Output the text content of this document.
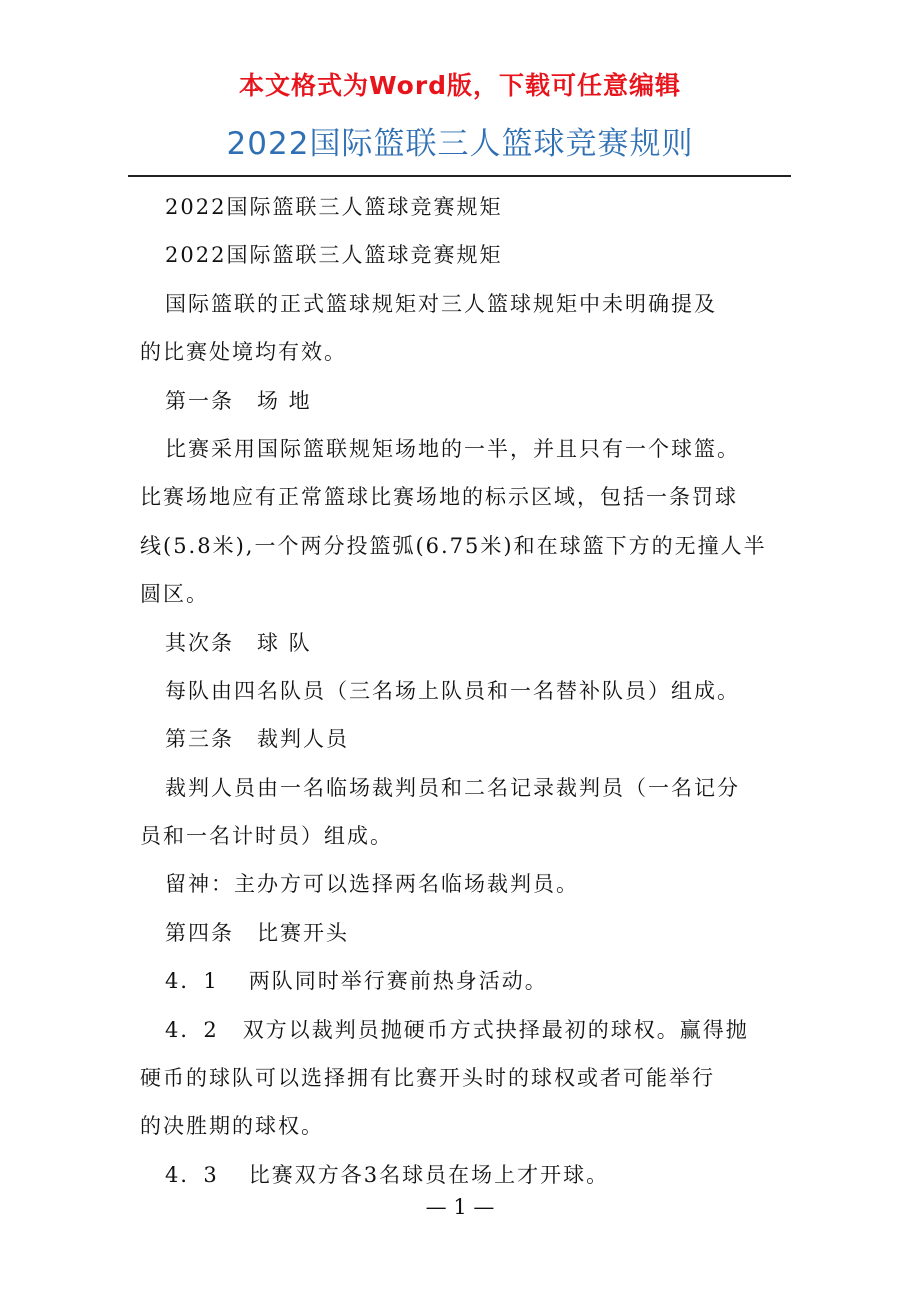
本文格式为Word版，下载可任意编辑
2022国际篮联三人篮球竞赛规则
2022国际篮联三人篮球竞赛规矩
2022国际篮联三人篮球竞赛规矩
国际篮联的正式篮球规矩对三人篮球规矩中未明确提及
的比赛处境均有效。
第一条　场 地
比赛采用国际篮联规矩场地的一半，并且只有一个球篮。
比赛场地应有正常篮球比赛场地的标示区域，包括一条罚球
线(5.8米),一个两分投篮弧(6.75米)和在球篮下方的无撞人半
圆区。
其次条　球 队
每队由四名队员（三名场上队员和一名替补队员）组成。
第三条　裁判人员
裁判人员由一名临场裁判员和二名记录裁判员（一名记分
员和一名计时员）组成。
留神：主办方可以选择两名临场裁判员。
第四条　比赛开头
4．1 两队同时举行赛前热身活动。
4．2 双方以裁判员抛硬币方式抉择最初的球权。赢得抛
硬币的球队可以选择拥有比赛开头时的球权或者可能举行
的决胜期的球权。
4．3 比赛双方各3名球员在场上才开球。
— 1 —
